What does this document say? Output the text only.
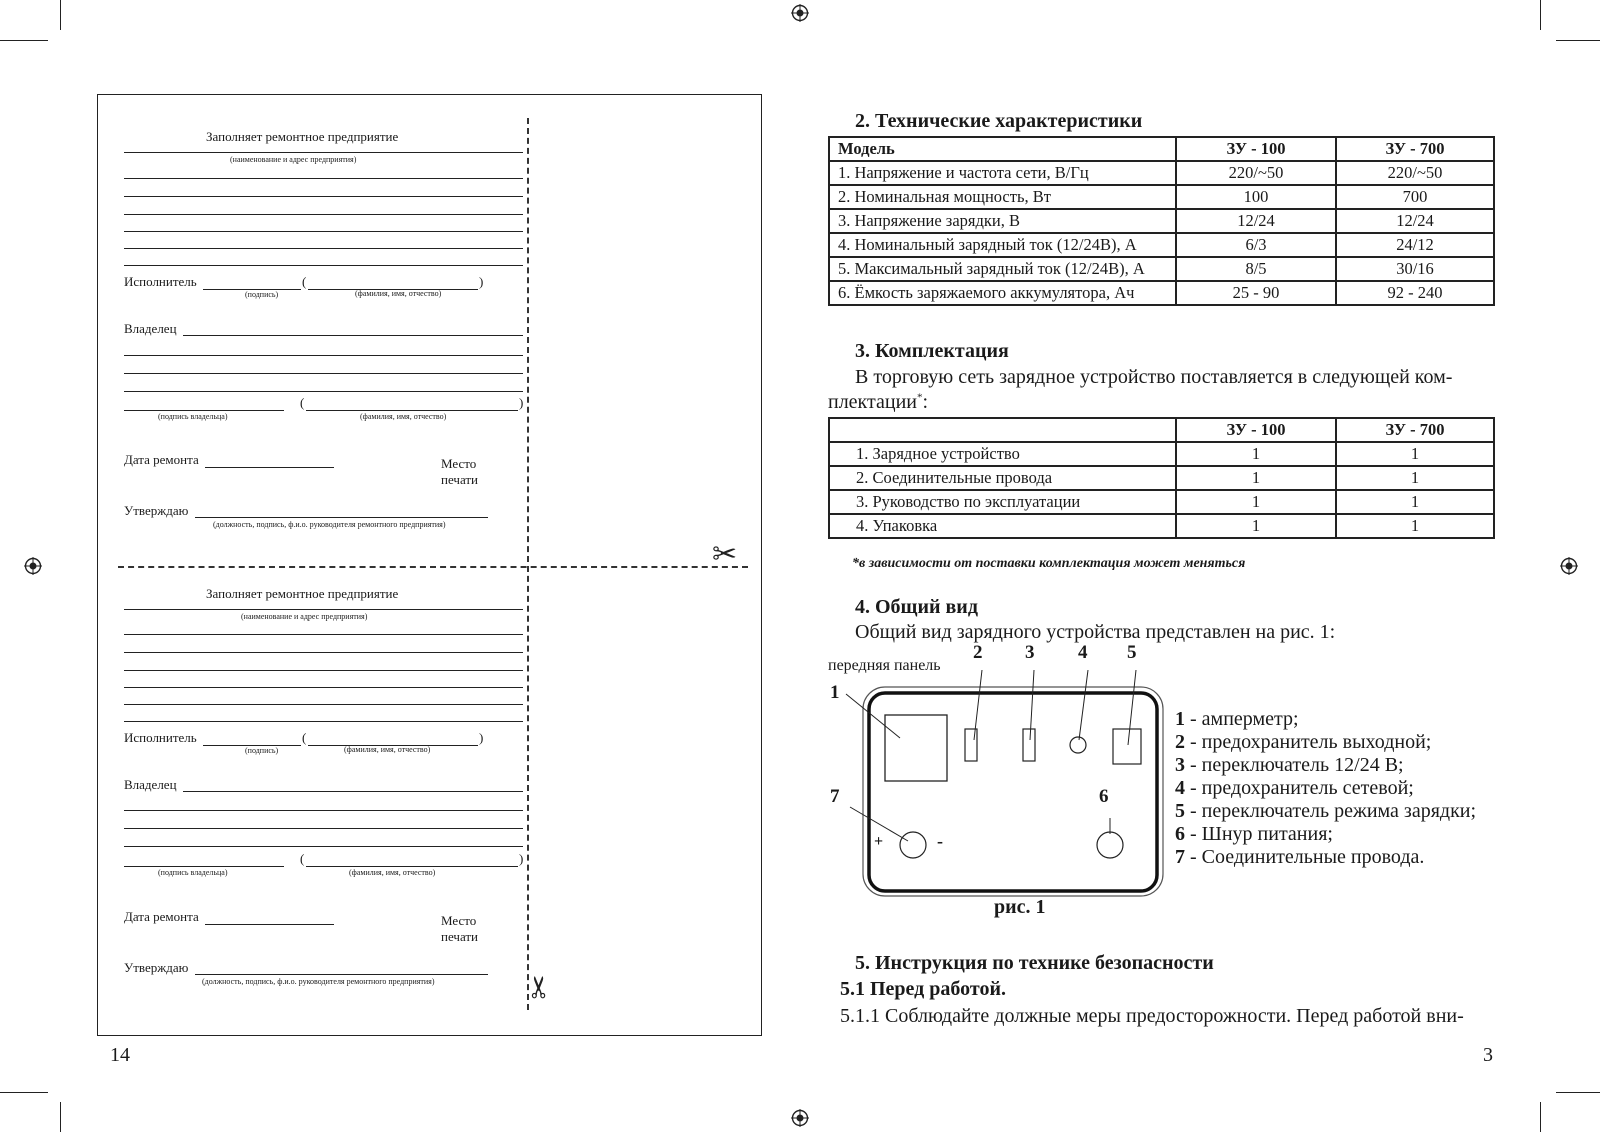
✂
✂
Заполняет ремонтное предприятие
(наименование и адрес предприятия)
Исполнитель	(	)
(подпись)	(фамилия, имя, отчество)
Владелец
(	)
(подпись владельца)	(фамилия, имя, отчество)
Дата ремонта	Место
печати
Утверждаю
(должность, подпись, ф.и.о. руководителя ремонтного предприятия)
Заполняет ремонтное предприятие
(наименование и адрес предприятия)
Исполнитель	(	)
(подпись)	(фамилия, имя, отчество)
Владелец
(	)
(подпись владельца)	(фамилия, имя, отчество)
Дата ремонта	Место
печати
Утверждаю
(должность, подпись, ф.и.о. руководителя ремонтного предприятия)
14
2. Технические характеристики
Модель	ЗУ - 100	ЗУ - 700
1. Напряжение и частота сети, В/Гц	220/~50	220/~50
2. Номинальная мощность, Вт	100	700
3. Напряжение зарядки, В	12/24	12/24
4. Номинальный зарядный ток (12/24В), А	6/3	24/12
5. Максимальный зарядный ток (12/24В), А	8/5	30/16
6. Ёмкость заряжаемого аккумулятора, Ач	25 - 90	92 - 240
3. Комплектация
В торговую сеть зарядное устройство поставляется в следующей ком-
плектации*:
	ЗУ - 100	ЗУ - 700
1. Зарядное устройство	1	1
2. Соединительные провода	1	1
3. Руководство по эксплуатации	1	1
4. Упаковка	1	1
*в зависимости от поставки комплектация может меняться
4. Общий вид
Общий вид зарядного устройства представлен на рис. 1:
передняя панель
1
2 3 4 5
6
7
+	-
рис. 1
1 - амперметр;
2 - предохранитель выходной;
3 - переключатель 12/24 В;
4 - предохранитель сетевой;
5 - переключатель режима зарядки;
6 - Шнур питания;
7 - Соединительные провода.
5. Инструкция по технике безопасности
5.1 Перед работой.
5.1.1 Соблюдайте должные меры предосторожности. Перед работой вни-
3
